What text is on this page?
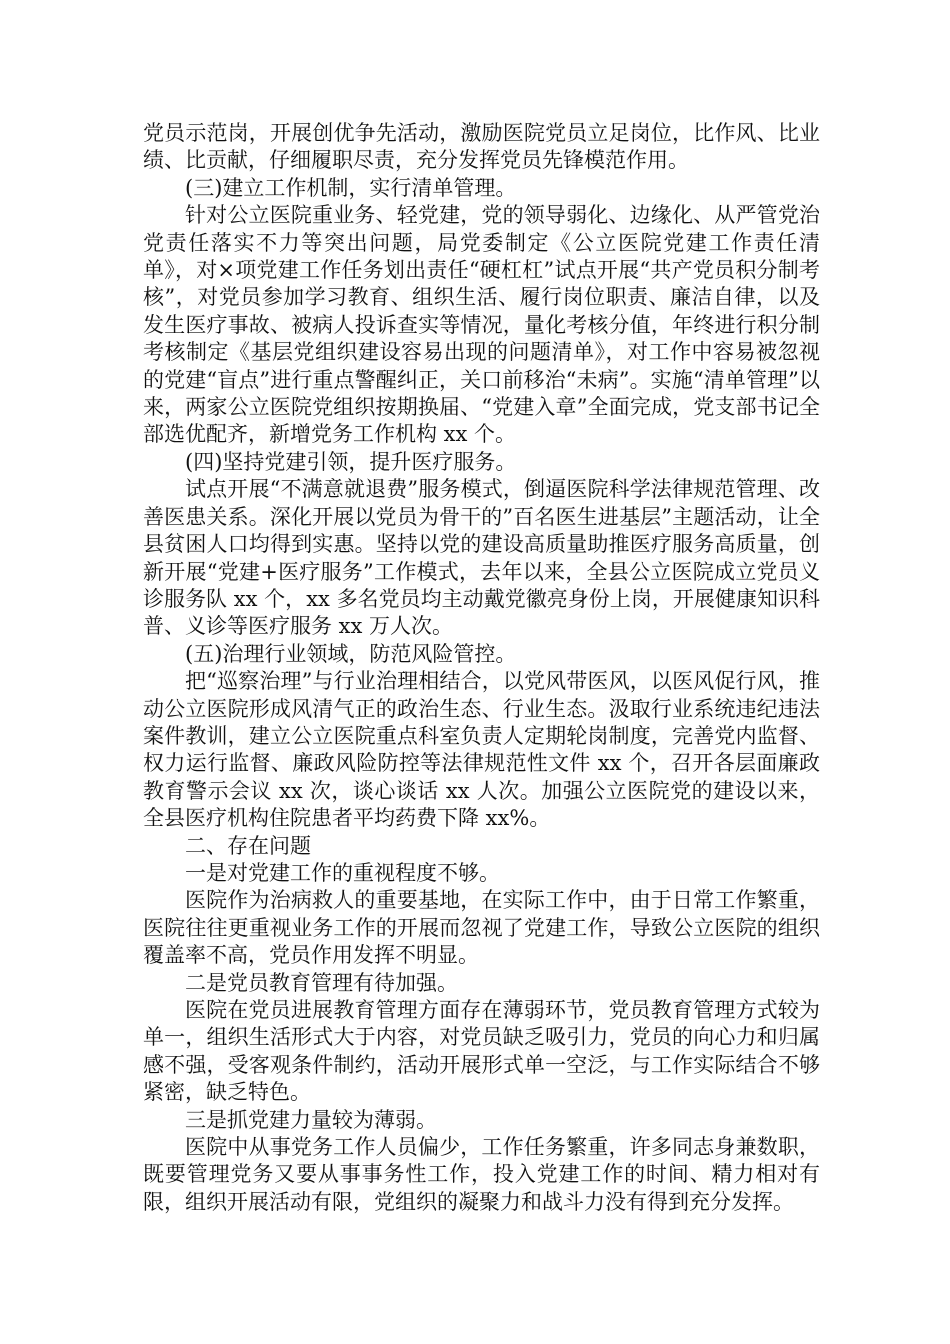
党员示范岗，开展创优争先活动，激励医院党员立足岗位，比作风、比业绩、比贡献，仔细履职尽责，充分发挥党员先锋模范作用。

(三)建立工作机制，实行清单管理。

针对公立医院重业务、轻党建，党的领导弱化、边缘化、从严管党治党责任落实不力等突出问题，局党委制定《公立医院党建工作责任清单》，对×项党建工作任务划出责任“硬杠杠”试点开展“共产党员积分制考核”，对党员参加学习教育、组织生活、履行岗位职责、廉洁自律，以及发生医疗事故、被病人投诉查实等情况，量化考核分值，年终进行积分制考核制定《基层党组织建设容易出现的问题清单》，对工作中容易被忽视的党建“盲点”进行重点警醒纠正，关口前移治“未病”。实施“清单管理”以来，两家公立医院党组织按期换届、“党建入章”全面完成，党支部书记全部选优配齐，新增党务工作机构 xx 个。

(四)坚持党建引领，提升医疗服务。

试点开展“不满意就退费”服务模式，倒逼医院科学法律规范管理、改善医患关系。深化开展以党员为骨干的”百名医生进基层”主题活动，让全县贫困人口均得到实惠。坚持以党的建设高质量助推医疗服务高质量，创新开展“党建+医疗服务”工作模式，去年以来，全县公立医院成立党员义诊服务队 xx 个，xx 多名党员均主动戴党徽亮身份上岗，开展健康知识科普、义诊等医疗服务 xx 万人次。

(五)治理行业领域，防范风险管控。

把“巡察治理”与行业治理相结合，以党风带医风，以医风促行风，推动公立医院形成风清气正的政治生态、行业生态。汲取行业系统违纪违法案件教训，建立公立医院重点科室负责人定期轮岗制度，完善党内监督、权力运行监督、廉政风险防控等法律规范性文件 xx 个，召开各层面廉政教育警示会议 xx 次，谈心谈话 xx 人次。加强公立医院党的建设以来，全县医疗机构住院患者平均药费下降 xx%。

二、存在问题

一是对党建工作的重视程度不够。

医院作为治病救人的重要基地，在实际工作中，由于日常工作繁重，医院往往更重视业务工作的开展而忽视了党建工作，导致公立医院的组织覆盖率不高，党员作用发挥不明显。

二是党员教育管理有待加强。

医院在党员进展教育管理方面存在薄弱环节，党员教育管理方式较为单一，组织生活形式大于内容，对党员缺乏吸引力，党员的向心力和归属感不强，受客观条件制约，活动开展形式单一空泛，与工作实际结合不够紧密，缺乏特色。

三是抓党建力量较为薄弱。

医院中从事党务工作人员偏少，工作任务繁重，许多同志身兼数职，既要管理党务又要从事事务性工作，投入党建工作的时间、精力相对有限，组织开展活动有限，党组织的凝聚力和战斗力没有得到充分发挥。
